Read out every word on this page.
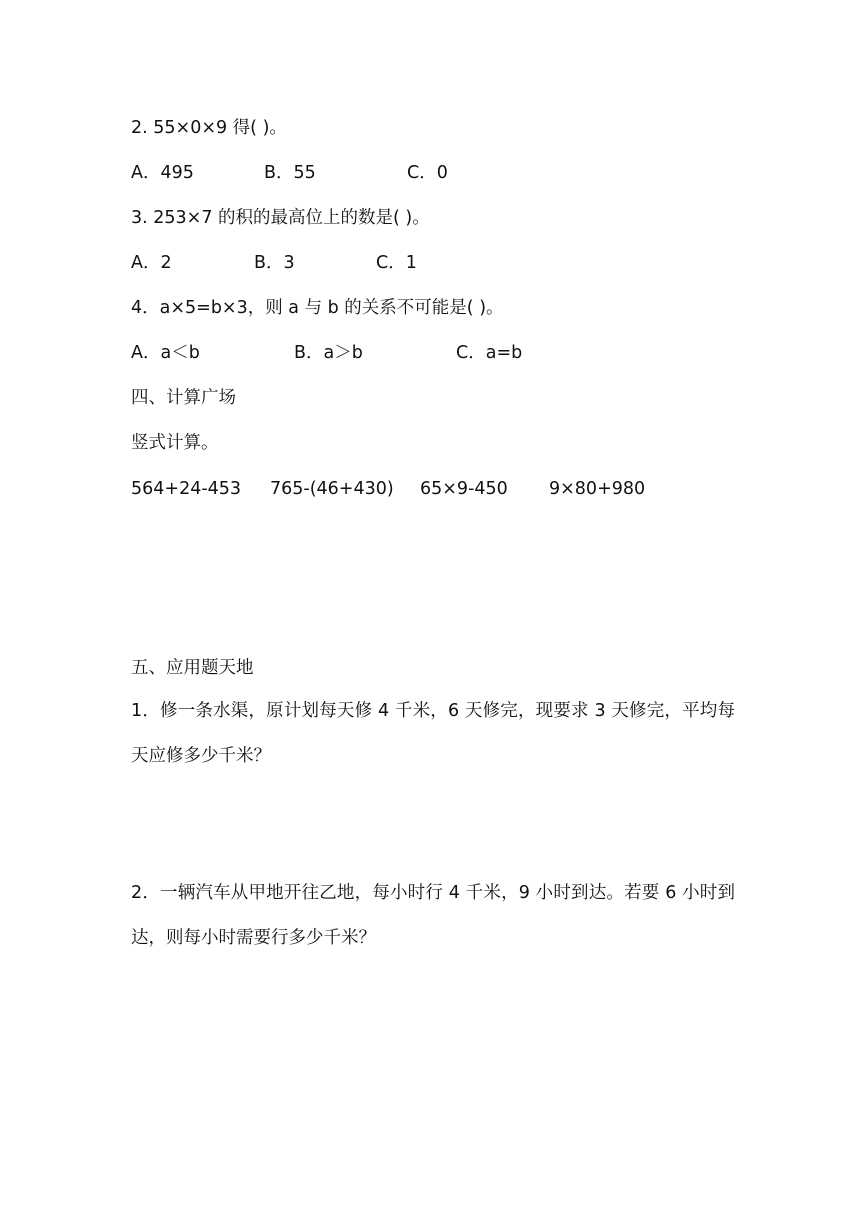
2. 55×0×9 得( )。
A．495	B．55	C．0
3. 253×7 的积的最高位上的数是( )。
A．2	B．3	C．1
4．a×5=b×3，则 a 与 b 的关系不可能是( )。
A．a＜b	B．a＞b	C．a=b
四、计算广场
竖式计算。
564+24-453 765-(46+430) 65×9-450 9×80+980
五、应用题天地
1．修一条水渠，原计划每天修 4 千米，6 天修完，现要求 3 天修完，平均每天应修多少千米？
2．一辆汽车从甲地开往乙地，每小时行 4 千米，9 小时到达。若要 6 小时到达，则每小时需要行多少千米？
